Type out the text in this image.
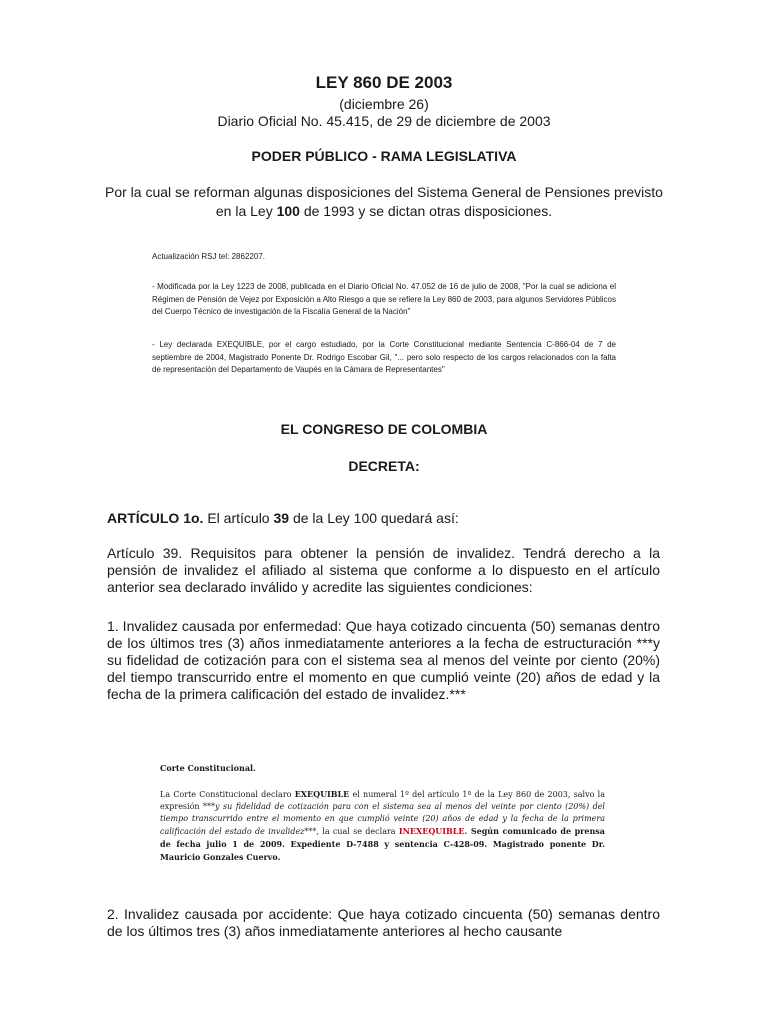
LEY 860 DE 2003
(diciembre 26)
Diario Oficial No. 45.415, de 29 de diciembre de 2003
PODER PÚBLICO - RAMA LEGISLATIVA
Por la cual se reforman algunas disposiciones del Sistema General de Pensiones previsto en la Ley 100 de 1993 y se dictan otras disposiciones.
Actualización RSJ tel: 2862207.
- Modificada por la Ley 1223 de 2008, publicada en el Diario Oficial No. 47.052 de 16 de julio de 2008, "Por la cual se adiciona el Régimen de Pensión de Vejez por Exposición a Alto Riesgo a que se refiere la Ley 860 de 2003, para algunos Servidores Públicos del Cuerpo Técnico de investigación de la Fiscalía General de la Nación"
- Ley declarada EXEQUIBLE, por el cargo estudiado, por la Corte Constitucional mediante Sentencia C-866-04 de 7 de septiembre de 2004, Magistrado Ponente Dr. Rodrigo Escobar Gil, "... pero solo respecto de los cargos relacionados con la falta de representación del Departamento de Vaupés en la Cámara de Representantes"
EL CONGRESO DE COLOMBIA
DECRETA:
ARTÍCULO 1o. El artículo 39 de la Ley 100 quedará así:
Artículo 39. Requisitos para obtener la pensión de invalidez. Tendrá derecho a la pensión de invalidez el afiliado al sistema que conforme a lo dispuesto en el artículo anterior sea declarado inválido y acredite las siguientes condiciones:
1. Invalidez causada por enfermedad: Que haya cotizado cincuenta (50) semanas dentro de los últimos tres (3) años inmediatamente anteriores a la fecha de estructuración ***y su fidelidad de cotización para con el sistema sea al menos del veinte por ciento (20%) del tiempo transcurrido entre el momento en que cumplió veinte (20) años de edad y la fecha de la primera calificación del estado de invalidez.***
Corte Constitucional.
La Corte Constitucional declaro EXEQUIBLE el numeral 1º del artículo 1º de la Ley 860 de 2003, salvo la expresión ***y su fidelidad de cotización para con el sistema sea al menos del veinte por ciento (20%) del tiempo transcurrido entre el momento en que cumplió veinte (20) años de edad y la fecha de la primera calificación del estado de invalidez***, la cual se declara INEXEQUIBLE. Según comunicado de prensa de fecha julio 1 de 2009. Expediente D-7488 y sentencia C-428-09. Magistrado ponente Dr. Mauricio Gonzales Cuervo.
2. Invalidez causada por accidente: Que haya cotizado cincuenta (50) semanas dentro de los últimos tres (3) años inmediatamente anteriores al hecho causante
